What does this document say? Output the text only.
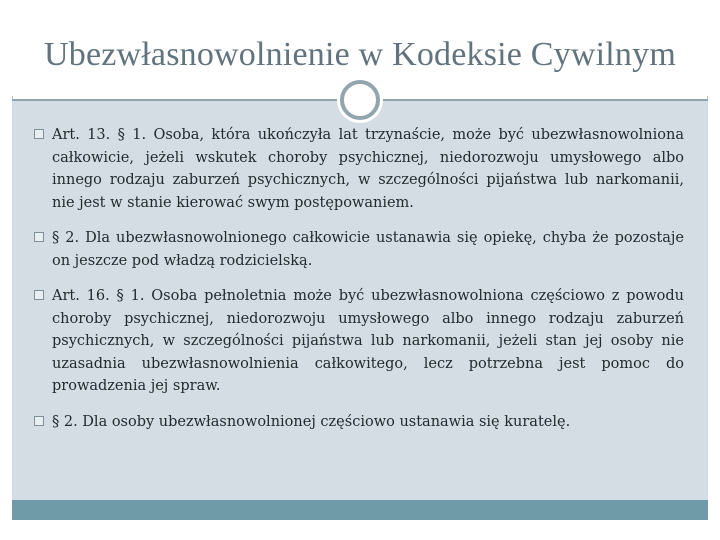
Ubezwłasnowolnienie w Kodeksie Cywilnym
Art. 13. § 1. Osoba, która ukończyła lat trzynaście, może być ubezwłasnowolniona całkowicie, jeżeli wskutek choroby psychicznej, niedorozwoju umysłowego albo innego rodzaju zaburzeń psychicznych, w szczególności pijaństwa lub narkomanii, nie jest w stanie kierować swym postępowaniem.
§ 2. Dla ubezwłasnowolnionego całkowicie ustanawia się opiekę, chyba że pozostaje on jeszcze pod władzą rodzicielską.
Art. 16. § 1. Osoba pełnoletnia może być ubezwłasnowolniona częściowo z powodu choroby psychicznej, niedorozwoju umysłowego albo innego rodzaju zaburzeń psychicznych, w szczególności pijaństwa lub narkomanii, jeżeli stan jej osoby nie uzasadnia ubezwłasnowolnienia całkowitego, lecz potrzebna jest pomoc do prowadzenia jej spraw.
§ 2. Dla osoby ubezwłasnowolnionej częściowo ustanawia się kuratelę.
